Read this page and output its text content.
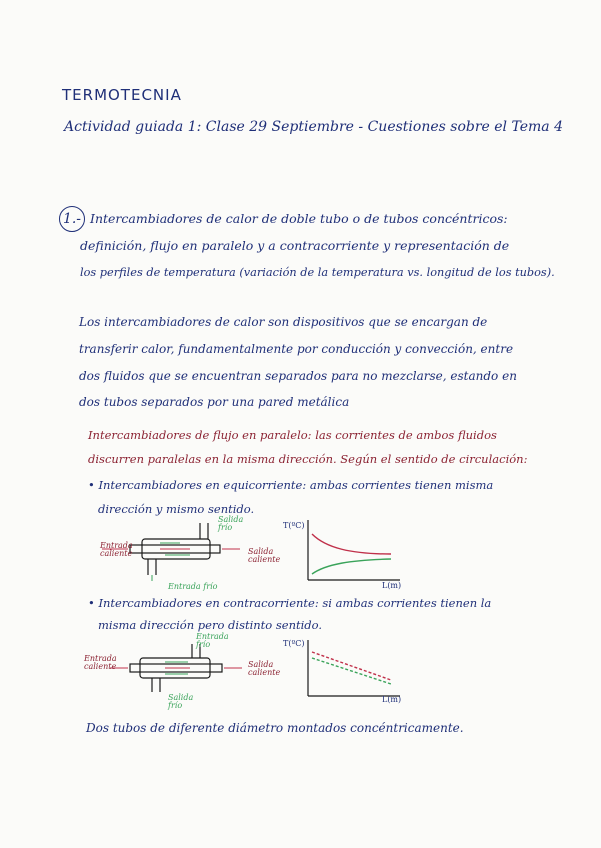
TERMOTECNIA
Actividad guiada 1: Clase 29 Septiembre - Cuestiones sobre el Tema 4
1.- Intercambiadores de calor de doble tubo o de tubos concéntricos:
definición, flujo en paralelo y a contracorriente y representación de
los perfiles de temperatura (variación de la temperatura vs. longitud de los tubos).
Los intercambiadores de calor son dispositivos que se encargan de
transferir calor, fundamentalmente por conducción y convección, entre
dos fluidos que se encuentran separados para no mezclarse, estando en
dos tubos separados por una pared metálica
Intercambiadores de flujo en paralelo: las corrientes de ambos fluidos
discurren paralelas en la misma dirección. Según el sentido de circulación:
• Intercambiadores en equicorriente: ambas corrientes tienen misma
dirección y mismo sentido.
Entrada caliente
Salida frío
Salida caliente
Entrada frío
T(ºC)
L(m)
• Intercambiadores en contracorriente: si ambas corrientes tienen la
misma dirección pero distinto sentido.
Entrada frío
Entrada caliente	Salida caliente
Salida frío
T(ºC)
L(m)
Dos tubos de diferente diámetro montados concéntricamente.
